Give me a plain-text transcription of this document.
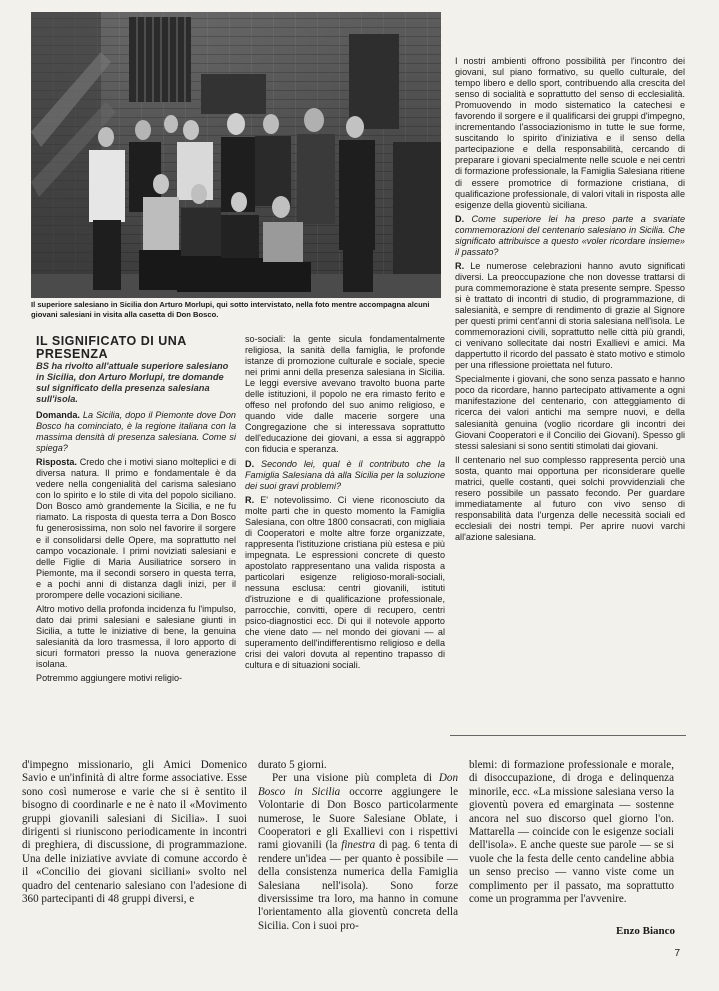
Il superiore salesiano in Sicilia don Arturo Morlupi, qui sotto intervistato, nella foto mentre accompagna alcuni giovani salesiani in visita alla casetta di Don Bosco.
IL SIGNIFICATO DI UNA PRESENZA
BS ha rivolto all'attuale superiore salesiano in Sicilia, don Arturo Morlupi, tre domande sul significato della presenza salesiana sull'isola.

Domanda. La Sicilia, dopo il Piemonte dove Don Bosco ha cominciato, è la regione italiana con la massima densità di presenza salesiana. Come si spiega?

Risposta. Credo che i motivi siano molteplici e di diversa natura. Il primo e fondamentale è da vedere nella congenialità del carisma salesiano con lo spirito e lo stile di vita del popolo siciliano. Don Bosco amò grandemente la Sicilia, e ne fu riamato. La risposta di questa terra a Don Bosco fu generosissima, non solo nel favorire il sorgere e il consolidarsi delle Opere, ma soprattutto nel campo vocazionale. I primi noviziati salesiani e delle Figlie di Maria Ausiliatrice sorsero in Piemonte, ma il secondi sorsero in questa terra, e a pochi anni di distanza dagli inizi, per il prorompere delle vocazioni siciliane.

Altro motivo della profonda incidenza fu l'impulso, dato dai primi salesiani e salesiane giunti in Sicilia, a tutte le iniziative di bene, la genuina salesianità da loro trasmessa, il loro apporto di sicuri formatori presso la nuova generazione isolana.

Potremmo aggiungere motivi religio-

so-sociali: la gente sicula fondamentalmente religiosa, la sanità della famiglia, le profonde istanze di promozione culturale e sociale, specie nei primi anni della presenza salesiana in Sicilia. Le leggi eversive avevano travolto buona parte delle istituzioni, il popolo ne era rimasto ferito e offeso nel profondo del suo animo religioso, e quando vide dalle macerie sorgere una Congregazione che si interessava soprattutto dell'educazione dei giovani, a essa si aggrappò con fiducia e speranza.

D. Secondo lei, qual è il contributo che la Famiglia Salesiana dà alla Sicilia per la soluzione dei suoi gravi problemi?

R. E' notevolissimo. Ci viene riconosciuto da molte parti che in questo momento la Famiglia Salesiana, con oltre 1800 consacrati, con migliaia di Cooperatori e molte altre forze organizzate, rappresenta l'istituzione cristiana più estesa e più impegnata. Le espressioni concrete di questo apostolato rappresentano una valida risposta a particolari esigenze religioso-morali-sociali, nessuna esclusa: centri giovanili, istituti d'istruzione e di qualificazione professionale, parrocchie, convitti, opere di recupero, centri psico-diagnostici ecc. Di qui il notevole apporto che viene dato — nel mondo dei giovani — al superamento dell'indifferentismo religioso e della crisi dei valori dovuta al repentino trapasso di cultura e di situazioni sociali.

I nostri ambienti offrono possibilità per l'incontro dei giovani, sul piano formativo, su quello culturale, del tempo libero e dello sport, contribuendo alla crescita del senso di socialità e soprattutto del senso di ecclesialità. Promuovendo in modo sistematico la catechesi e favorendo il sorgere e il qualificarsi dei gruppi d'impegno, incrementando l'associazionismo in tutte le sue forme, suscitando lo spirito d'iniziativa e il senso della partecipazione e della responsabilità, cercando di preparare i giovani specialmente nelle scuole e nei centri di formazione professionale, la Famiglia Salesiana ritiene di essere promotrice di formazione cristiana, di qualificazione professionale, di valori vitali in risposta alle esigenze della gioventù siciliana.

D. Come superiore lei ha preso parte a svariate commemorazioni del centenario salesiano in Sicilia. Che significato attribuisce a questo «voler ricordare insieme» il passato?

R. Le numerose celebrazioni hanno avuto significati diversi. La preoccupazione che non dovesse trattarsi di pura commemorazione è stata presente sempre. Spesso si è trattato di incontri di studio, di programmazione, di salesianità, e sempre di rendimento di grazie al Signore per questi primi cent'anni di storia salesiana nell'isola. Le commemorazioni civili, soprattutto nelle città più grandi, ci venivano sollecitate dai nostri Exallievi e amici. Ma dappertutto il ricordo del passato è stato motivo e stimolo per una riflessione proiettata nel futuro.

Specialmente i giovani, che sono senza passato e hanno poco da ricordare, hanno partecipato attivamente a ogni manifestazione del centenario, con atteggiamento di ricerca dei valori antichi ma sempre nuovi, e della salesianità genuina (voglio ricordare gli incontri dei Giovani Cooperatori e il Concilio dei Giovani). Spesso gli stessi salesiani si sono sentiti stimolati dai giovani.

Il centenario nel suo complesso rappresenta perciò una sosta, quanto mai opportuna per riconsiderare quelle matrici, quelle costanti, quei solchi provvidenziali che resero possibile un passato fecondo. Per guardare immediatamente al futuro con vivo senso di responsabilità data l'urgenza delle necessità sociali ed ecclesiali dei nostri tempi. Per aprire nuovi varchi all'azione salesiana.

d'impegno missionario, gli Amici Domenico Savio e un'infinità di altre forme associative. Esse sono così numerose e varie che si è sentito il bisogno di coordinarle e ne è nato il «Movimento gruppi giovanili salesiani di Sicilia». I suoi dirigenti si riuniscono periodicamente in incontri di preghiera, di discussione, di programmazione. Una delle iniziative avviate di comune accordo è il «Concilio dei giovani siciliani» svolto nel quadro del centenario salesiano con l'adesione di 360 partecipanti di 48 gruppi diversi, e

durato 5 giorni.

Per una visione più completa di Don Bosco in Sicilia occorre aggiungere le Volontarie di Don Bosco particolarmente numerose, le Suore Salesiane Oblate, i Cooperatori e gli Exallievi con i rispettivi rami giovanili (la finestra di pag. 6 tenta di rendere un'idea — per quanto è possibile — della consistenza numerica della Famiglia Salesiana nell'isola). Sono forze diversissime tra loro, ma hanno in comune l'orientamento alla gioventù concreta della Sicilia. Con i suoi pro-

blemi: di formazione professionale e morale, di disoccupazione, di droga e delinquenza minorile, ecc. «La missione salesiana verso la gioventù povera ed emarginata — sostenne ancora nel suo discorso quel giorno l'on. Mattarella — coincide con le esigenze sociali dell'isola». E anche queste sue parole — se si vuole che la festa delle cento candeline abbia un senso preciso — vanno viste come un complimento per il passato, ma soprattutto come un programma per l'avvenire.

Enzo Bianco
7
